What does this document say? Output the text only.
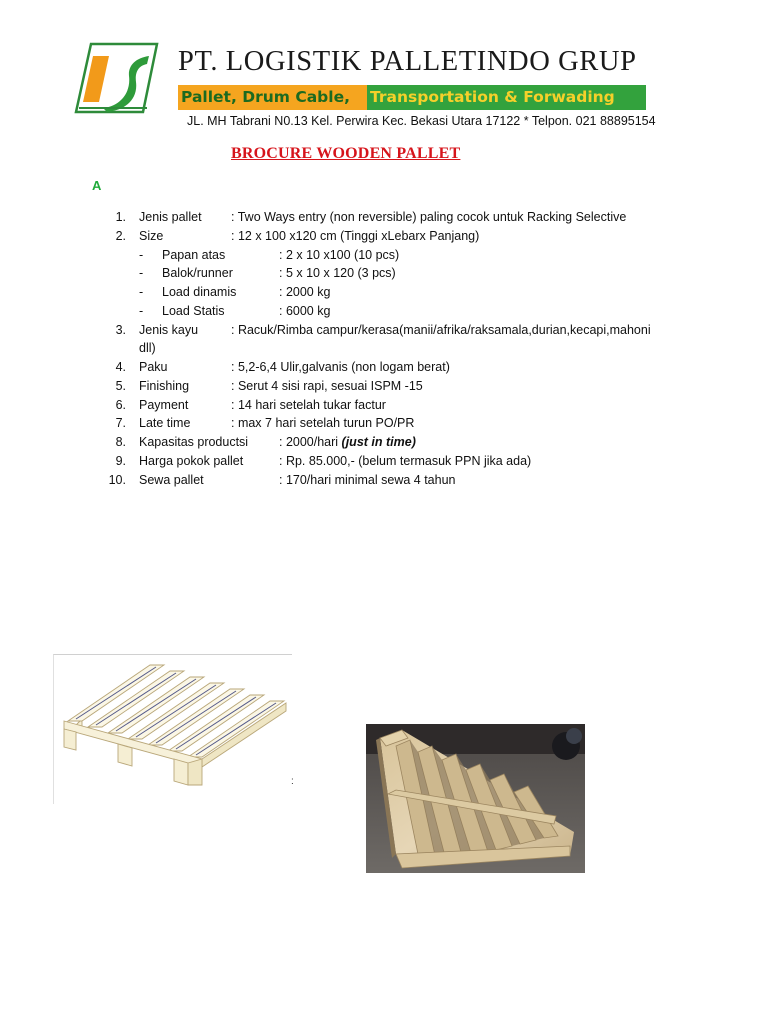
PT. LOGISTIK PALLETINDO GRUP
Pallet, Drum Cable,	Transportation & Forwading
JL. MH Tabrani N0.13 Kel. Perwira Kec. Bekasi Utara 17122 * Telpon. 021 88895154
BROCURE WOODEN PALLET
A
1. Jenis pallet : Two Ways entry (non reversible) paling cocok untuk Racking Selective
2. Size	: 12 x 100 x120 cm (Tinggi xLebarx Panjang)
- Papan atas	: 2 x 10 x100 (10 pcs)
- Balok/runner	: 5 x 10 x 120 (3 pcs)
- Load dinamis	: 2000 kg
- Load Statis	: 6000 kg
3. Jenis kayu	: Racuk/Rimba campur/kerasa(manii/afrika/raksamala,durian,kecapi,mahoni
dll)
4. Paku	: 5,2-6,4 Ulir,galvanis (non logam berat)
5. Finishing	: Serut 4 sisi rapi, sesuai ISPM -15
6. Payment	: 14 hari setelah tukar factur
7. Late time	: max 7 hari setelah turun PO/PR
8. Kapasitas productsi : 2000/hari (just in time)
9. Harga pokok pallet	: Rp. 85.000,- (belum termasuk PPN jika ada)
10. Sewa pallet	: 170/hari minimal sewa 4 tahun
:
